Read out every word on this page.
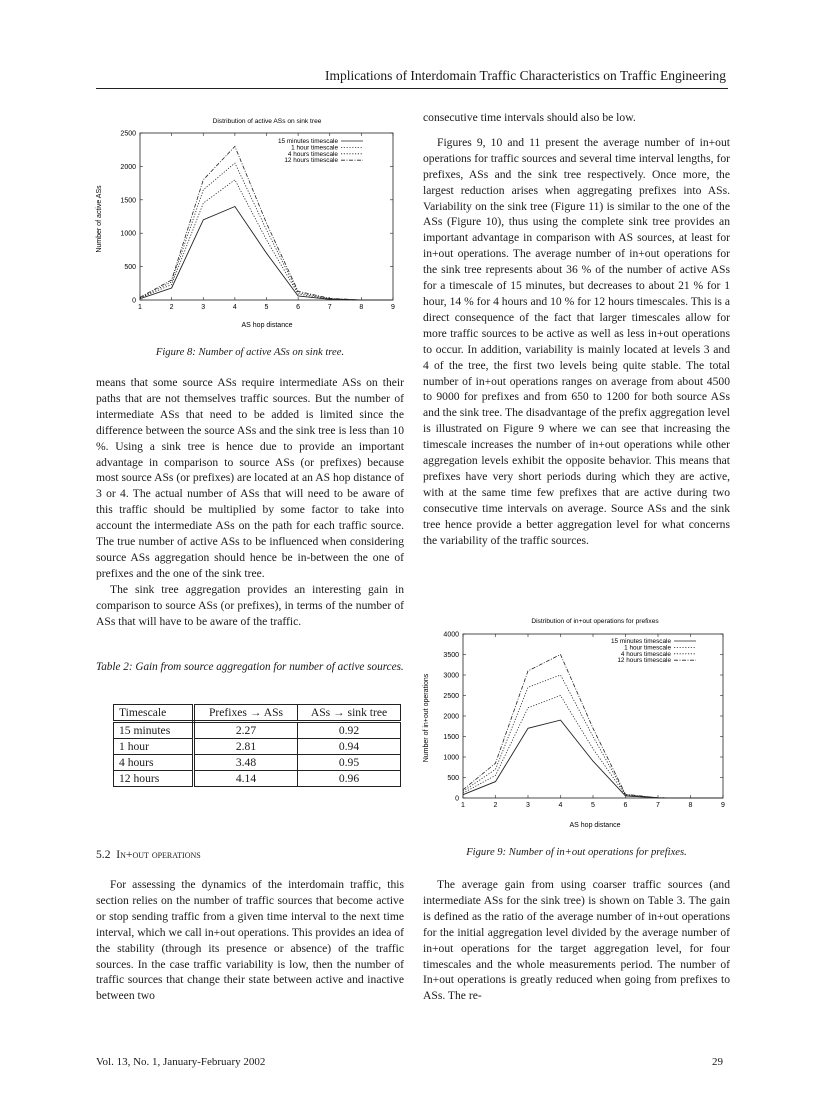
Implications of Interdomain Traffic Characteristics on Traffic Engineering
Distribution of active ASs on sink tree
1	2	3	4	5	6	7	8	9
0
500
1000
1500
2000
2500
15 minutes timescale
1 hour timescale
4 hours timescale
12 hours timescale
AS hop distance
Number of active ASs
Figure 8: Number of active ASs on sink tree.

means that some source ASs require intermediate ASs on their paths that are not themselves traffic sources. But the number of intermediate ASs that need to be added is limited since the difference between the source ASs and the sink tree is less than 10 %. Using a sink tree is hence due to provide an important advantage in comparison to source ASs (or prefixes) because most source ASs (or prefixes) are located at an AS hop distance of 3 or 4. The actual number of ASs that will need to be aware of this traffic should be multiplied by some factor to take into account the intermediate ASs on the path for each traffic source. The true number of active ASs to be influenced when considering source ASs aggregation should hence be in-between the one of prefixes and the one of the sink tree.

The sink tree aggregation provides an interesting gain in comparison to source ASs (or prefixes), in terms of the number of ASs that will have to be aware of the traffic.

Table 2: Gain from source aggregation for number of active sources.
Timescale	Prefixes → ASs	ASs → sink tree
15 minutes	2.27	0.92
1 hour	2.81	0.94
4 hours	3.48	0.95
12 hours	4.14	0.96
5.2 In+out operations

For assessing the dynamics of the interdomain traffic, this section relies on the number of traffic sources that become active or stop sending traffic from a given time interval to the next time interval, which we call in+out operations. This provides an idea of the stability (through its presence or absence) of the traffic sources. In the case traffic variability is low, then the number of traffic sources that change their state between active and inactive between two

consecutive time intervals should also be low.

Figures 9, 10 and 11 present the average number of in+out operations for traffic sources and several time interval lengths, for prefixes, ASs and the sink tree respectively. Once more, the largest reduction arises when aggregating prefixes into ASs. Variability on the sink tree (Figure 11) is similar to the one of the ASs (Figure 10), thus using the complete sink tree provides an important advantage in comparison with AS sources, at least for in+out operations. The average number of in+out operations for the sink tree represents about 36 % of the number of active ASs for a timescale of 15 minutes, but decreases to about 21 % for 1 hour, 14 % for 4 hours and 10 % for 12 hours timescales. This is a direct consequence of the fact that larger timescales allow for more traffic sources to be active as well as less in+out operations to occur. In addition, variability is mainly located at levels 3 and 4 of the tree, the first two levels being quite stable. The total number of in+out operations ranges on average from about 4500 to 9000 for prefixes and from 650 to 1200 for both source ASs and the sink tree. The disadvantage of the prefix aggregation level is illustrated on Figure 9 where we can see that increasing the timescale increases the number of in+out operations while other aggregation levels exhibit the opposite behavior. This means that prefixes have very short periods during which they are active, with at the same time few prefixes that are active during two consecutive time intervals on average. Source ASs and the sink tree hence provide a better aggregation level for what concerns the variability of the traffic sources.

Distribution of in+out operations for prefixes
1	2	3	4	5	6	7	8	9
0
500
1000
1500
2000
2500
3000
3500
4000
15 minutes timescale
1 hour timescale
4 hours timescale
12 hours timescale
AS hop distance
Number of in+out operations
Figure 9: Number of in+out operations for prefixes.

The average gain from using coarser traffic sources (and intermediate ASs for the sink tree) is shown on Table 3. The gain is defined as the ratio of the average number of in+out operations for the initial aggregation level divided by the average number of in+out operations for the target aggregation level, for four timescales and the whole measurements period. The number of In+out operations is greatly reduced when going from prefixes to ASs. The re-

Vol. 13, No. 1, January-February 2002	29
